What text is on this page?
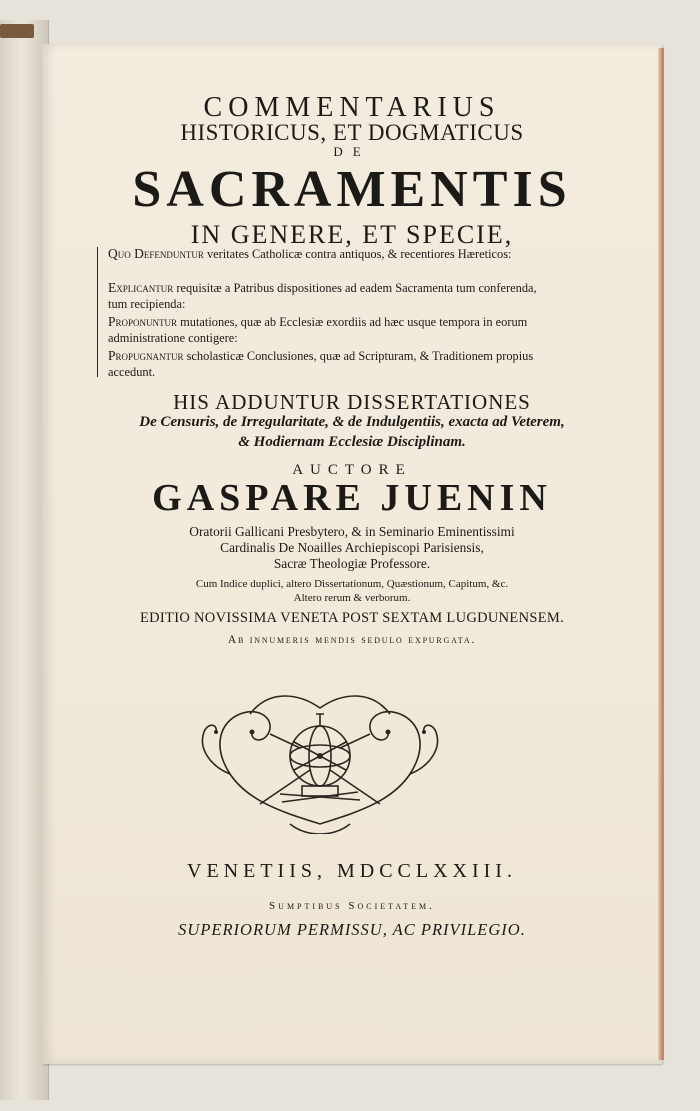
COMMENTARIUS
HISTORICUS, ET DOGMATICUS
DE
SACRAMENTIS
IN GENERE, ET SPECIE,
Quo Defenduntur veritates Catholicæ contra antiquos, & recentiores Hæreticos:
Explicantur requisitæ a Patribus dispositiones ad eadem Sacramenta tum conferenda, tum recipienda:
Proponuntur mutationes, quæ ab Ecclesiæ exordiis ad hæc usque tempora in eorum administratione contigere:
Propugnantur scholasticæ Conclusiones, quæ ad Scripturam, & Traditionem propius accedunt.
HIS ADDUNTUR DISSERTATIONES
De Censuris, de Irregularitate, & de Indulgentiis, exacta ad Veterem,
& Hodiernam Ecclesiæ Disciplinam.
AUCTORE
GASPARE JUENIN
Oratorii Gallicani Presbytero, & in Seminario Eminentissimi
Cardinalis De Noailles Archiepiscopi Parisiensis,
Sacræ Theologiæ Professore.
Cum Indice duplici, altero Dissertationum, Quæstionum, Capitum, &c.
Altero rerum & verborum.
EDITIO NOVISSIMA VENETA POST SEXTAM LUGDUNENSEM.
Ab innumeris mendis sedulo expurgata.
VENETIIS, MDCCLXXIII.
Sumptibus Societatem.
SUPERIORUM PERMISSU, AC PRIVILEGIO.
